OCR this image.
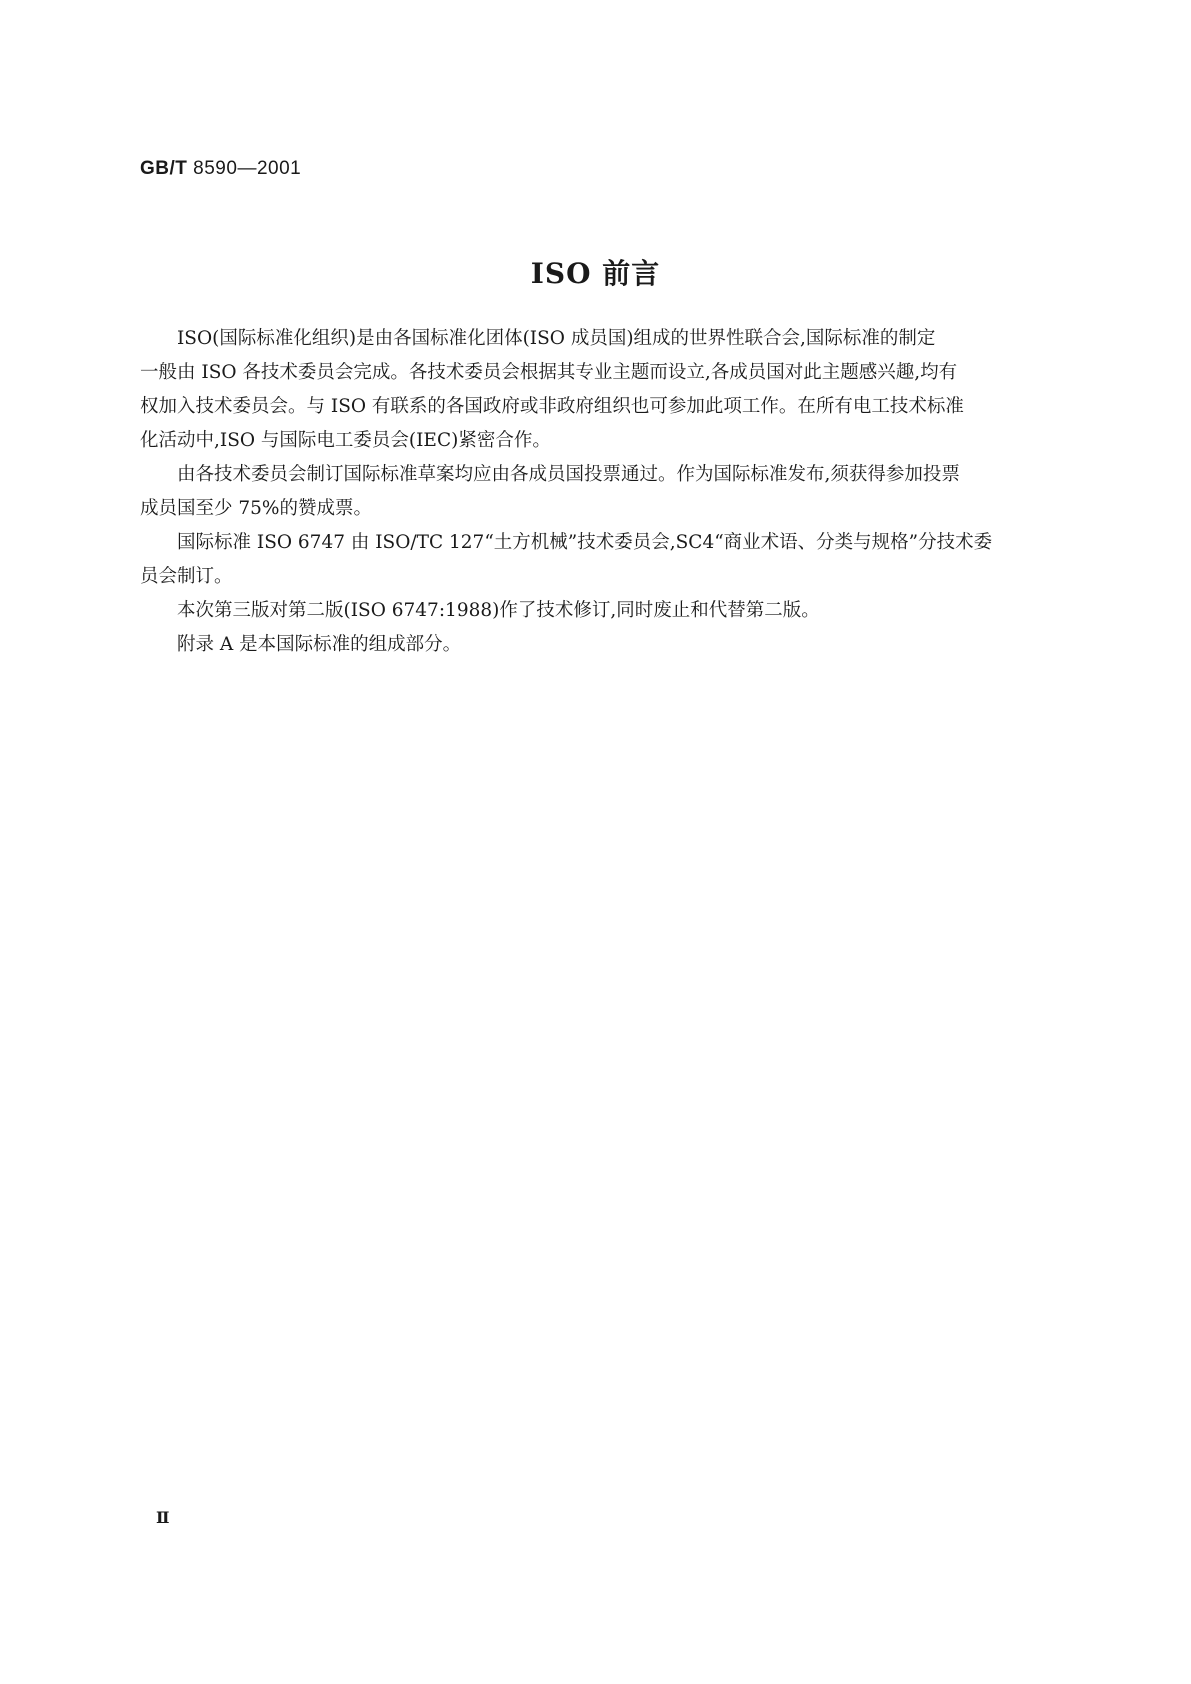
GB/T 8590—2001
ISO 前言

ISO(国际标准化组织)是由各国标准化团体(ISO 成员国)组成的世界性联合会,国际标准的制定
一般由 ISO 各技术委员会完成。各技术委员会根据其专业主题而设立,各成员国对此主题感兴趣,均有
权加入技术委员会。与 ISO 有联系的各国政府或非政府组织也可参加此项工作。在所有电工技术标准
化活动中,ISO 与国际电工委员会(IEC)紧密合作。

由各技术委员会制订国际标准草案均应由各成员国投票通过。作为国际标准发布,须获得参加投票
成员国至少 75%的赞成票。

国际标准 ISO 6747 由 ISO/TC 127“土方机械”技术委员会,SC4“商业术语、分类与规格”分技术委
员会制订。

本次第三版对第二版(ISO 6747:1988)作了技术修订,同时废止和代替第二版。

附录 A 是本国际标准的组成部分。

Ⅱ
